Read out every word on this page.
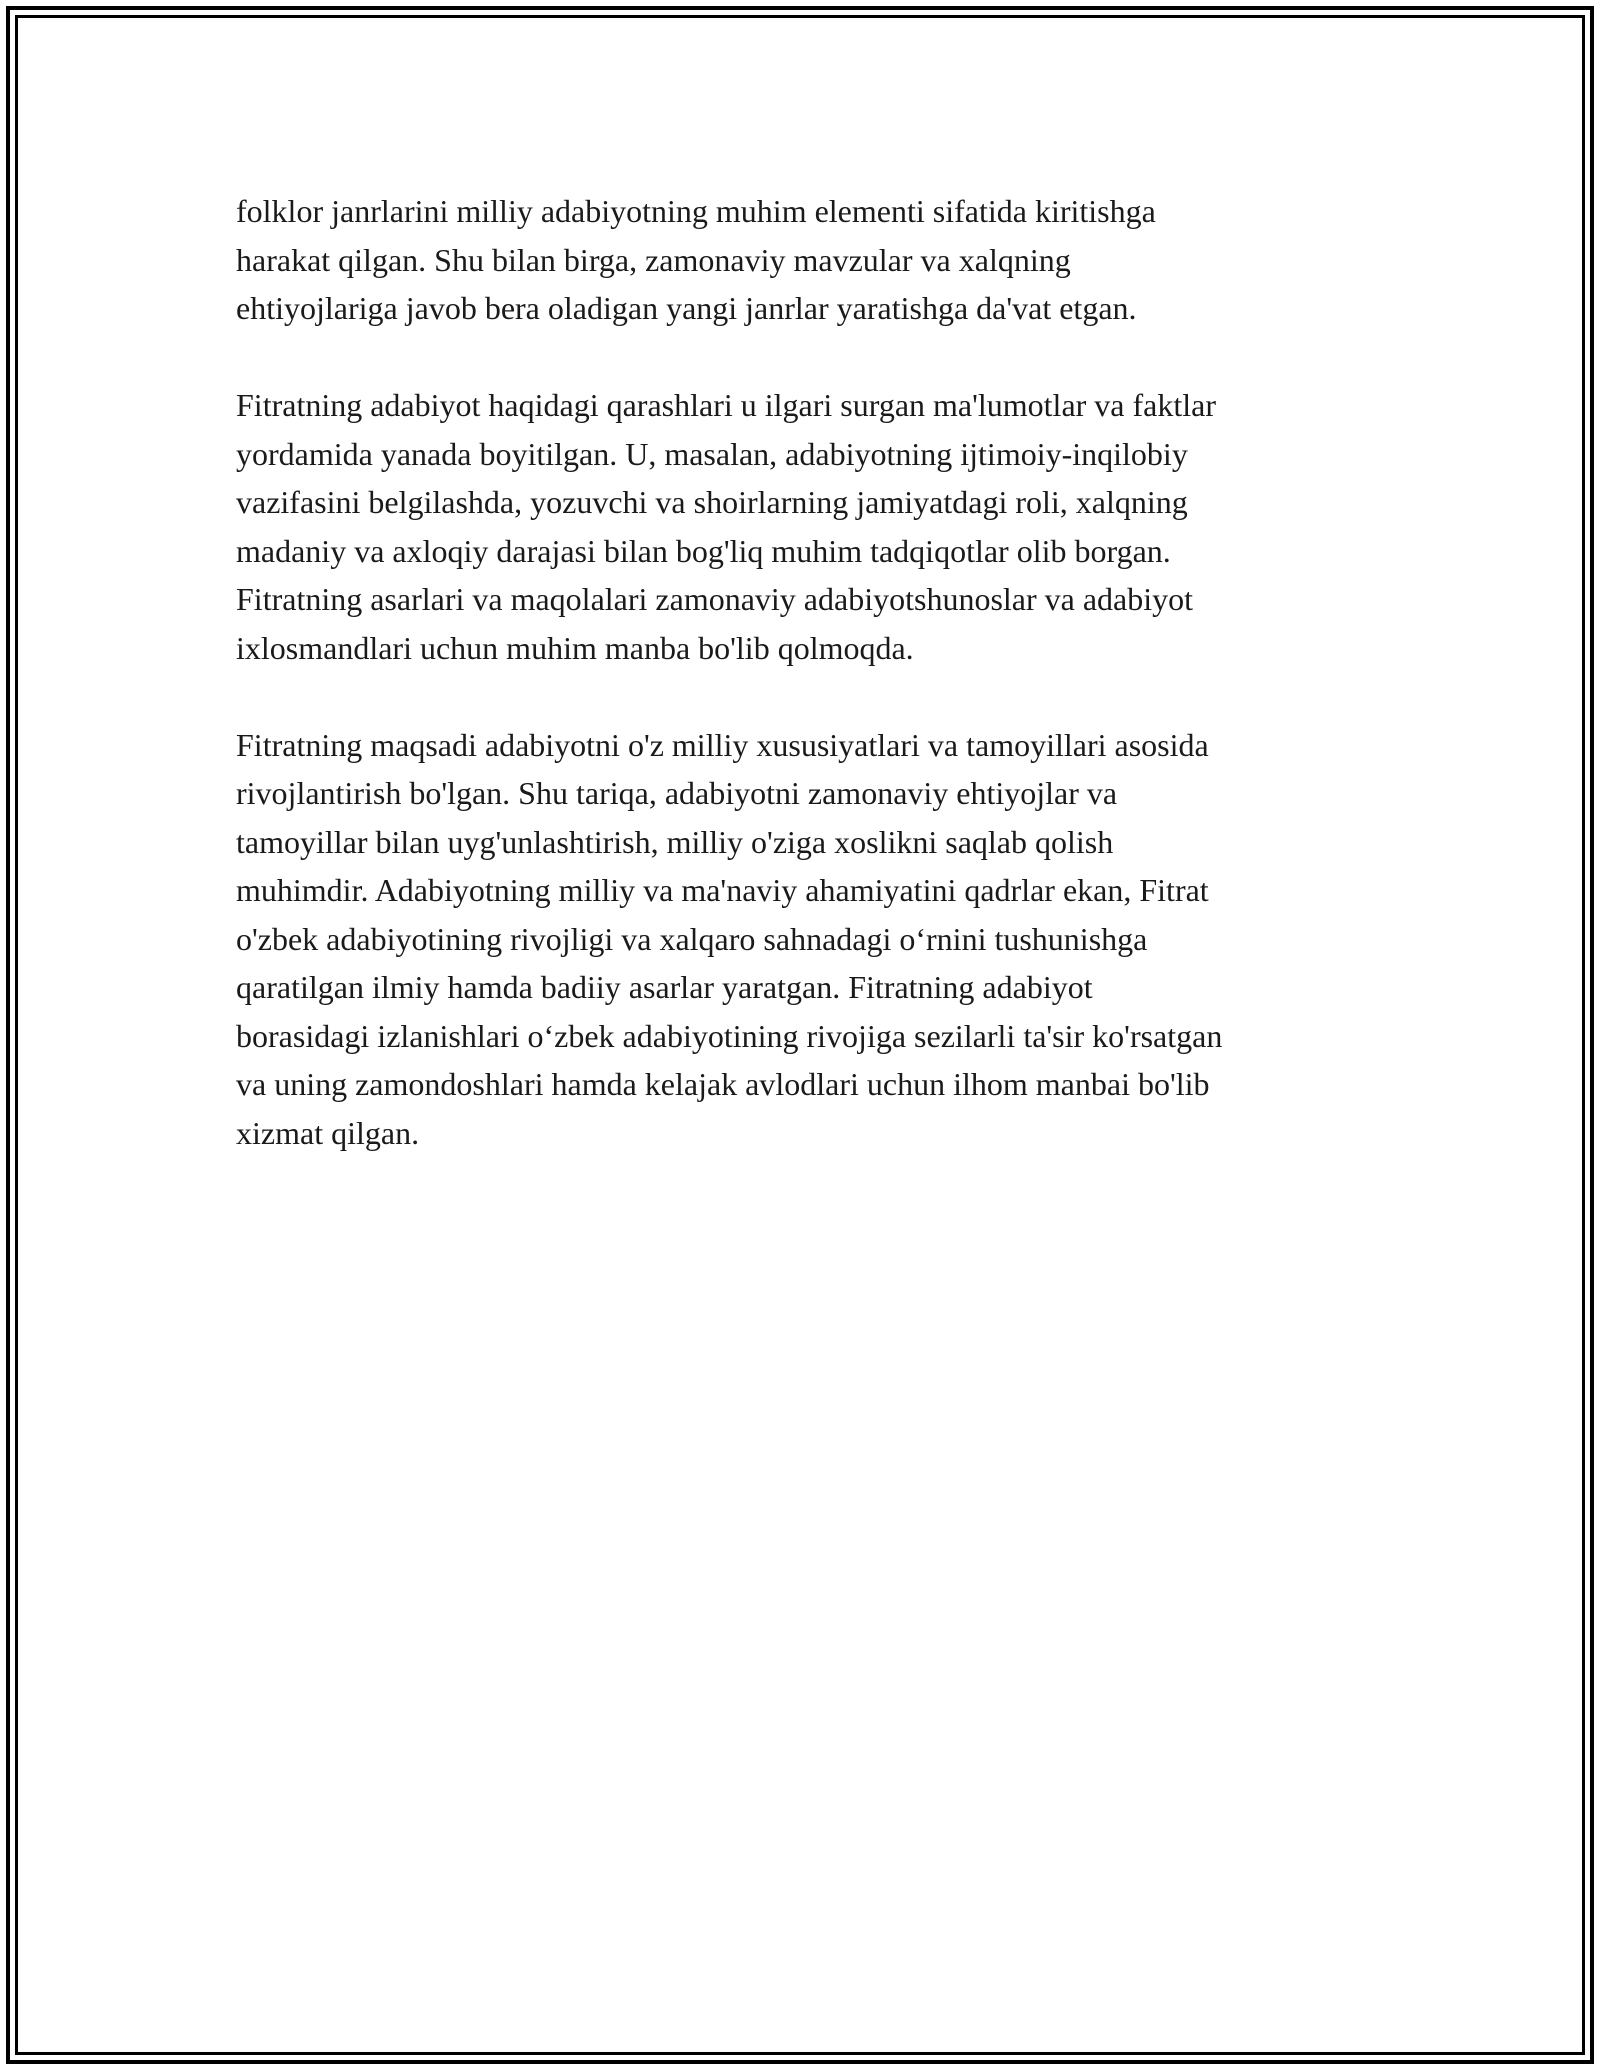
folklor janrlarini milliy adabiyotning muhim elementi sifatida kiritishga
harakat qilgan. Shu bilan birga, zamonaviy mavzular va xalqning
ehtiyojlariga javob bera oladigan yangi janrlar yaratishga da'vat etgan.

Fitratning adabiyot haqidagi qarashlari u ilgari surgan ma'lumotlar va faktlar
yordamida yanada boyitilgan. U, masalan, adabiyotning ijtimoiy-inqilobiy
vazifasini belgilashda, yozuvchi va shoirlarning jamiyatdagi roli, xalqning
madaniy va axloqiy darajasi bilan bog'liq muhim tadqiqotlar olib borgan.
Fitratning asarlari va maqolalari zamonaviy adabiyotshunoslar va adabiyot
ixlosmandlari uchun muhim manba bo'lib qolmoqda.

Fitratning maqsadi adabiyotni o'z milliy xususiyatlari va tamoyillari asosida
rivojlantirish bo'lgan. Shu tariqa, adabiyotni zamonaviy ehtiyojlar va
tamoyillar bilan uyg'unlashtirish, milliy o'ziga xoslikni saqlab qolish
muhimdir. Adabiyotning milliy va ma'naviy ahamiyatini qadrlar ekan, Fitrat
o'zbek adabiyotining rivojligi va xalqaro sahnadagi o‘rnini tushunishga
qaratilgan ilmiy hamda badiiy asarlar yaratgan. Fitratning adabiyot
borasidagi izlanishlari o‘zbek adabiyotining rivojiga sezilarli ta'sir ko'rsatgan
va uning zamondoshlari hamda kelajak avlodlari uchun ilhom manbai bo'lib
xizmat qilgan.
